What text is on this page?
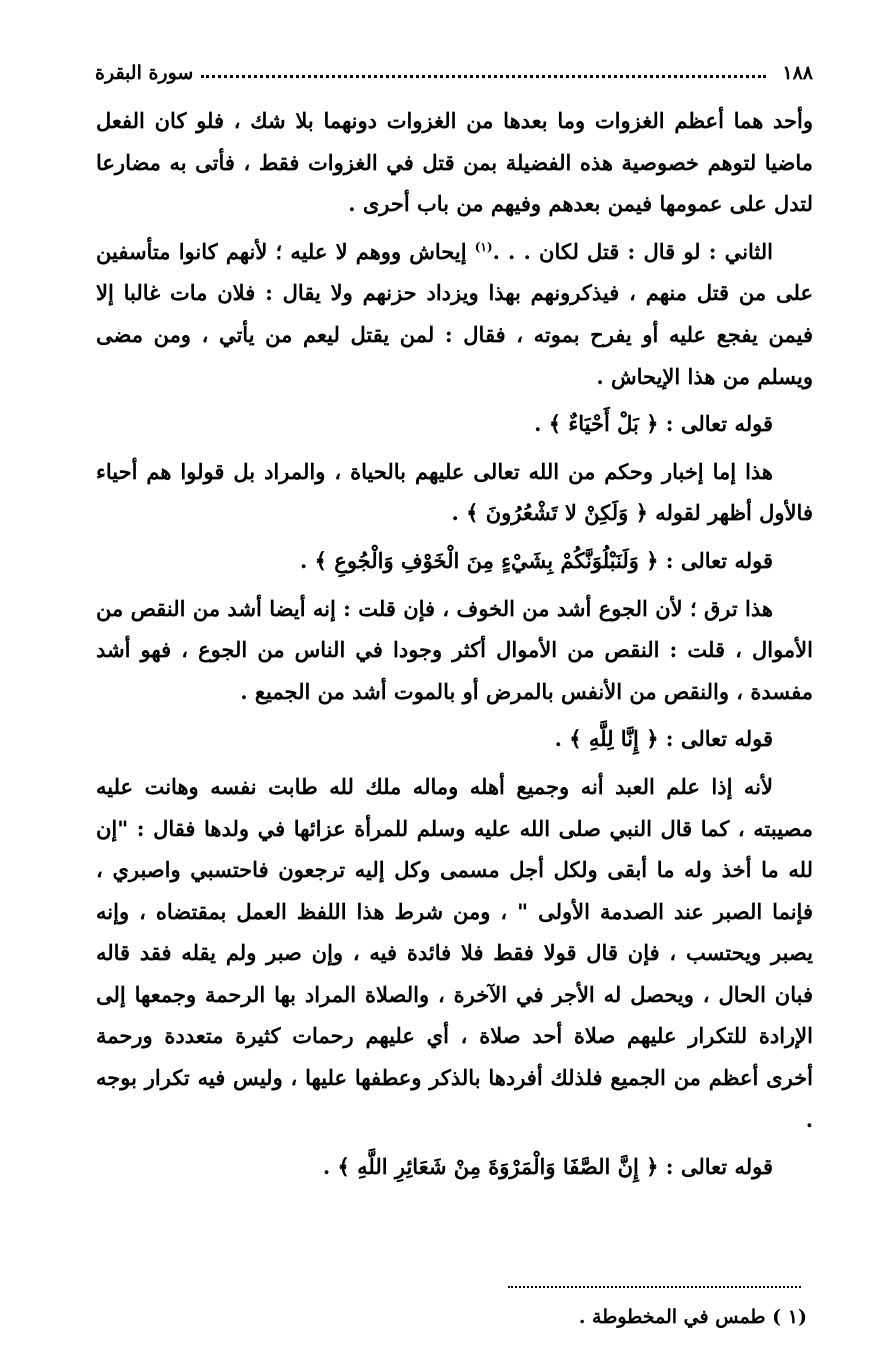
١٨٨
سورة البقرة

وأحد هما أعظم الغزوات وما بعدها من الغزوات دونهما بلا شك ، فلو كان الفعل ماضيا لتوهم خصوصية هذه الفضيلة بمن قتل في الغزوات فقط ، فأتى به مضارعا لتدل على عمومها فيمن بعدهم وفيهم من باب أحرى .

الثاني : لو قال : قتل لكان . . .$^{(١)}$ إيحاش ووهم لا عليه ؛ لأنهم كانوا متأسفين على من قتل منهم ، فيذكرونهم بهذا ويزداد حزنهم ولا يقال : فلان مات غالبا إلا فيمن يفجع عليه أو يفرح بموته ، فقال : لمن يقتل ليعم من يأتي ، ومن مضى ويسلم من هذا الإيحاش .

قوله تعالى : ﴿ بَلْ أَحْيَاءٌ ﴾ .

هذا إما إخبار وحكم من الله تعالى عليهم بالحياة ، والمراد بل قولوا هم أحياء فالأول أظهر لقوله ﴿ وَلَكِنْ لا تَشْعُرُونَ ﴾ .

قوله تعالى : ﴿ وَلَنَبْلُوَنَّكُمْ بِشَيْءٍ مِنَ الْخَوْفِ وَالْجُوعِ ﴾ .

هذا ترق ؛ لأن الجوع أشد من الخوف ، فإن قلت : إنه أيضا أشد من النقص من الأموال ، قلت : النقص من الأموال أكثر وجودا في الناس من الجوع ، فهو أشد مفسدة ، والنقص من الأنفس بالمرض أو بالموت أشد من الجميع .

قوله تعالى : ﴿ إِنَّا لِلَّهِ ﴾ .

لأنه إذا علم العبد أنه وجميع أهله وماله ملك لله طابت نفسه وهانت عليه مصيبته ، كما قال النبي صلى الله عليه وسلم للمرأة عزائها في ولدها فقال : "إن لله ما أخذ وله ما أبقى ولكل أجل مسمى وكل إليه ترجعون فاحتسبي واصبري ، فإنما الصبر عند الصدمة الأولى " ، ومن شرط هذا اللفظ العمل بمقتضاه ، وإنه يصبر ويحتسب ، فإن قال قولا فقط فلا فائدة فيه ، وإن صبر ولم يقله فقد قاله فبان الحال ، ويحصل له الأجر في الآخرة ، والصلاة المراد بها الرحمة وجمعها إلى الإرادة للتكرار عليهم صلاة أحد صلاة ، أي عليهم رحمات كثيرة متعددة ورحمة أخرى أعظم من الجميع فلذلك أفردها بالذكر وعطفها عليها ، وليس فيه تكرار بوجه .

قوله تعالى : ﴿ إِنَّ الصَّفَا وَالْمَرْوَةَ مِنْ شَعَائِرِ اللَّهِ ﴾ .

(١ ) طمس في المخطوطة .
